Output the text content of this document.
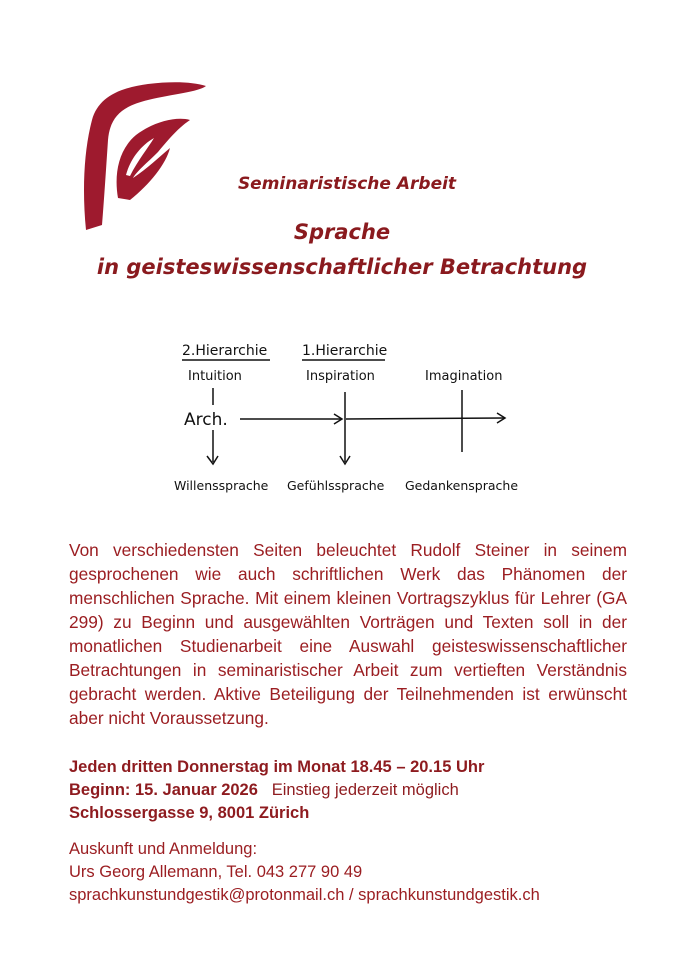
Seminaristische Arbeit
Sprache
in geisteswissenschaftlicher Betrachtung
2.Hierarchie 1.Hierarchie
Intuition	Inspiration	Imagination
Arch.
Willenssprache Gefühlssprache Gedankensprache
Von verschiedensten Seiten beleuchtet Rudolf Steiner in seinem gesprochenen wie auch schriftlichen Werk das Phänomen der menschlichen Sprache. Mit einem kleinen Vortragszyklus für Lehrer (GA 299) zu Beginn und ausgewählten Vorträgen und Texten soll in der monatlichen Studienarbeit eine Auswahl geisteswissenschaftlicher Betrachtungen in seminaristischer Arbeit zum vertieften Verständnis gebracht werden. Aktive Beteiligung der Teilnehmenden ist erwünscht aber nicht Voraussetzung.
Jeden dritten Donnerstag im Monat 18.45 – 20.15 Uhr
Beginn: 15. Januar 2026 Einstieg jederzeit möglich
Schlossergasse 9, 8001 Zürich
Auskunft und Anmeldung:
Urs Georg Allemann, Tel. 043 277 90 49
sprachkunstundgestik@protonmail.ch / sprachkunstundgestik.ch
